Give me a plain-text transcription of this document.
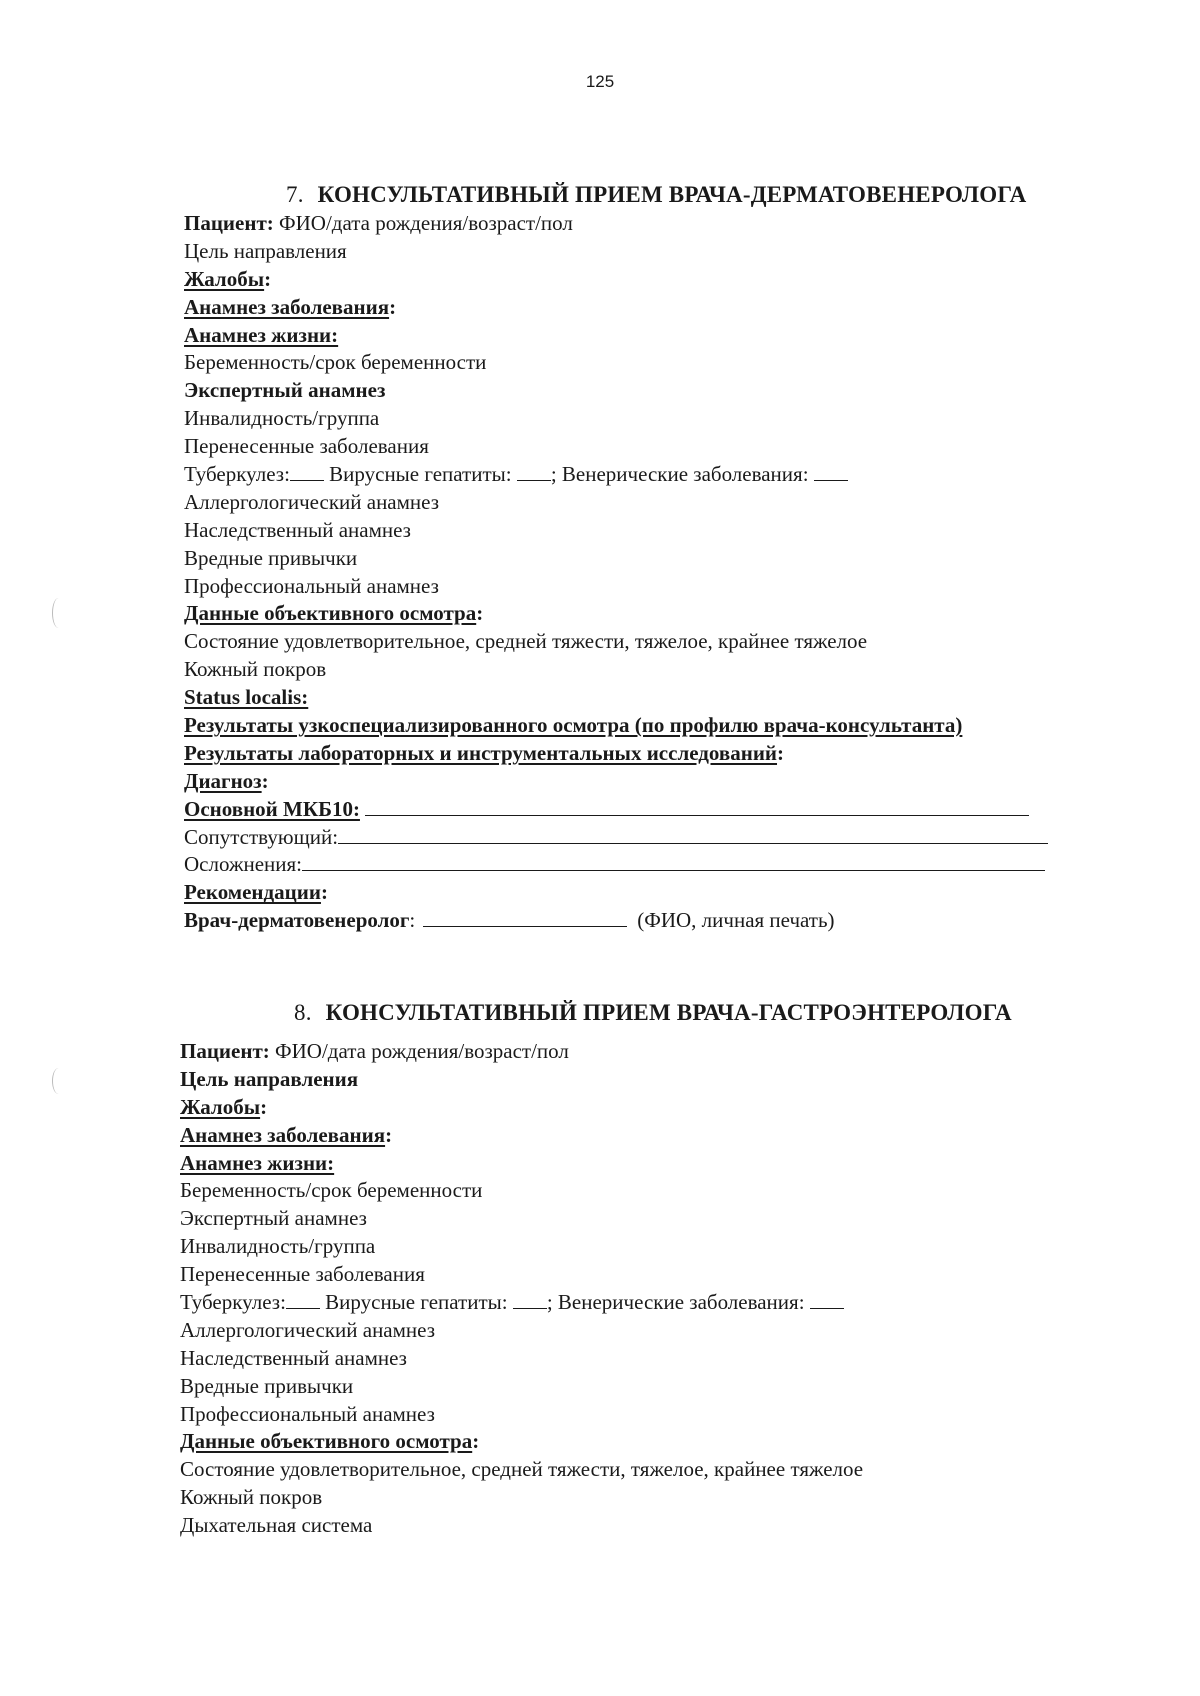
125
7. КОНСУЛЬТАТИВНЫЙ ПРИЕМ ВРАЧА-ДЕРМАТОВЕНЕРОЛОГА
Пациент: ФИО/дата рождения/возраст/пол
Цель направления
Жалобы:
Анамнез заболевания:
Анамнез жизни:
Беременность/срок беременности
Экспертный анамнез
Инвалидность/группа
Перенесенные заболевания
Туберкулез: Вирусные гепатиты: ; Венерические заболевания:
Аллергологический анамнез
Наследственный анамнез
Вредные привычки
Профессиональный анамнез
Данные объективного осмотра:
Состояние удовлетворительное, средней тяжести, тяжелое, крайнее тяжелое
Кожный покров
Status localis:
Результаты узкоспециализированного осмотра (по профилю врача-консультанта)
Результаты лабораторных и инструментальных исследований:
Диагноз:
Основной МКБ10:
Сопутствующий:
Осложнения:
Рекомендации:
Врач-дерматовенеролог:	(ФИО, личная печать)
8. КОНСУЛЬТАТИВНЫЙ ПРИЕМ ВРАЧА-ГАСТРОЭНТЕРОЛОГА
Пациент: ФИО/дата рождения/возраст/пол
Цель направления
Жалобы:
Анамнез заболевания:
Анамнез жизни:
Беременность/срок беременности
Экспертный анамнез
Инвалидность/группа
Перенесенные заболевания
Туберкулез: Вирусные гепатиты: ; Венерические заболевания:
Аллергологический анамнез
Наследственный анамнез
Вредные привычки
Профессиональный анамнез
Данные объективного осмотра:
Состояние удовлетворительное, средней тяжести, тяжелое, крайнее тяжелое
Кожный покров
Дыхательная система
